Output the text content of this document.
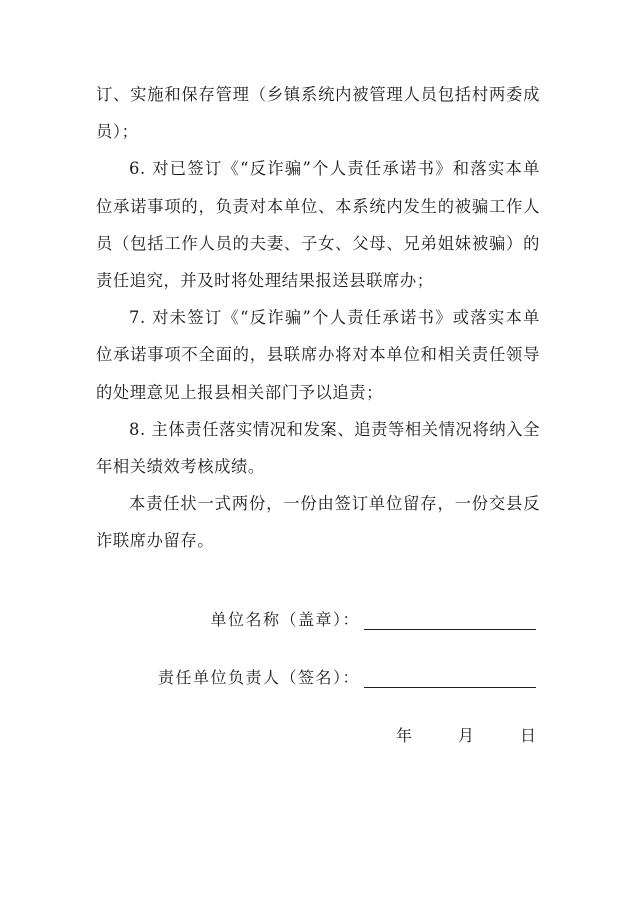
订、实施和保存管理（乡镇系统内被管理人员包括村两委成员）；

6. 对已签订《“反诈骗”个人责任承诺书》和落实本单位承诺事项的，负责对本单位、本系统内发生的被骗工作人员（包括工作人员的夫妻、子女、父母、兄弟姐妹被骗）的责任追究，并及时将处理结果报送县联席办；

7. 对未签订《“反诈骗”个人责任承诺书》或落实本单位承诺事项不全面的，县联席办将对本单位和相关责任领导的处理意见上报县相关部门予以追责；

8. 主体责任落实情况和发案、追责等相关情况将纳入全年相关绩效考核成绩。

本责任状一式两份，一份由签订单位留存，一份交县反诈联席办留存。

单位名称（盖章）：
责任单位负责人（签名）：
年	月	日
